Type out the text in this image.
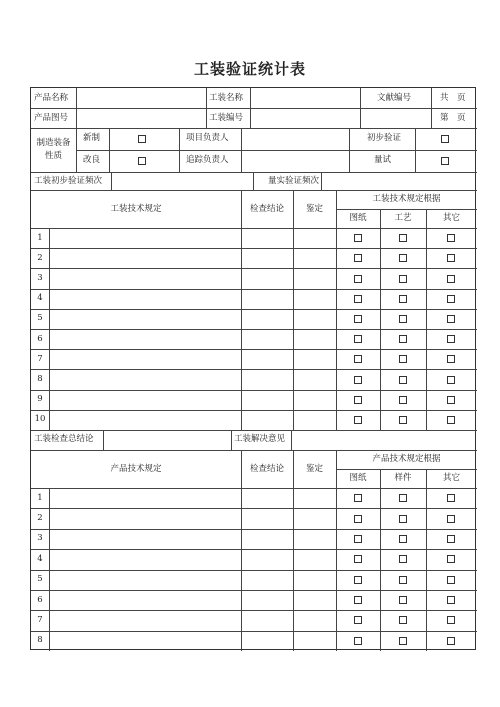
工装验证统计表
产品名称	工装名称	文献编号	共　页
产品图号	工装编号	第　页
制造装备
性质
新制	项目负责人	初步验证
改良	追踪负责人	量试
工装初步验证频次	量实验证频次
工装技术规定	检查结论	鉴定
工装技术规定根据
图纸	工艺	其它
1
2
3
4
5
6
7
8
9
10
工装检查总结论	工装解决意见
产品技术规定	检查结论	鉴定
产品技术规定根据
图纸	样件	其它
1
2
3
4
5
6
7
8
